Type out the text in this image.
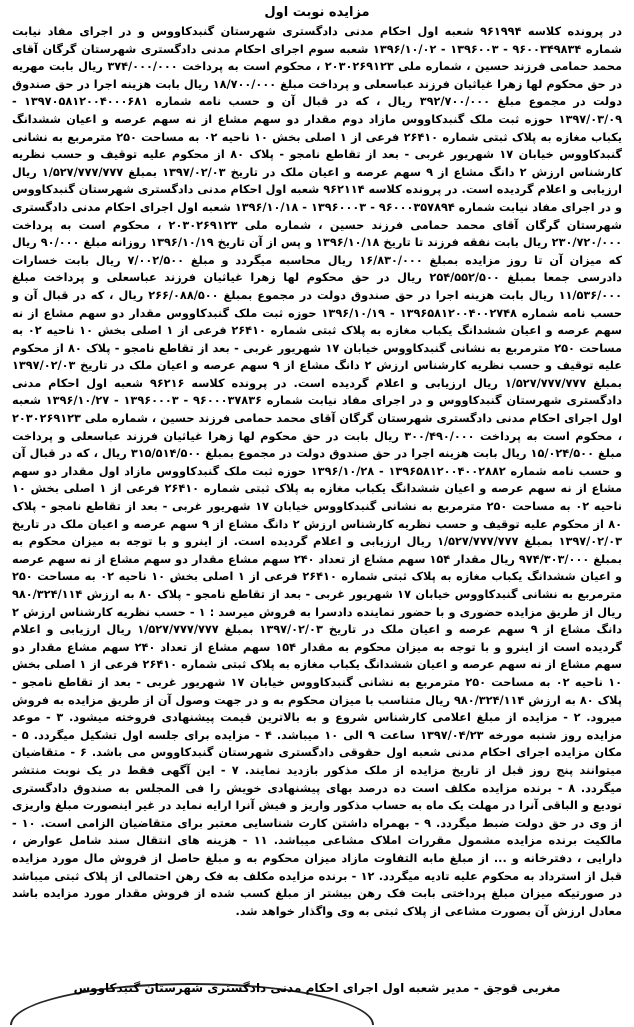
مزایده نوبت اول
در پرونده کلاسه ۹۶۱۹۹۴ شعبه اول احکام مدنی دادگستری شهرستان گنبدکاووس و در اجرای مفاد نیابت شماره ۹۶۰۰۳۴۹۸۳۴ - ۱۳۹۶۰۰۳ - ۱۳۹۶/۱۰/۰۲ شعبه سوم اجرای احکام مدنی دادگستری شهرستان گرگان آقای محمد حمامی فرزند حسین ، شماره ملی ۲۰۳۰۲۶۹۱۲۳ ، محکوم است به پرداخت ۳۷۴/۰۰۰/۰۰۰ ریال بابت مهریه در حق محکوم لها زهرا غیاثیان فرزند عباسعلی و پرداخت مبلغ ۱۸/۷۰۰/۰۰۰ ریال بابت هزینه اجرا در حق صندوق دولت در مجموع مبلغ ۳۹۲/۷۰۰/۰۰۰ ریال ، که در قبال آن و حسب نامه شماره ۱۳۹۷۰۵۸۱۲۰۰۴۰۰۰۶۸۱ - ۱۳۹۷/۰۳/۰۹ حوزه ثبت ملک گنبدکاووس مازاد دوم مقدار دو سهم مشاع از نه سهم عرصه و اعیان ششدانگ یکباب مغازه به پلاک ثبتی شماره ۲۶۴۱۰ فرعی از ۱ اصلی بخش ۱۰ ناحیه ۰۲ به مساحت ۲۵۰ مترمربع به نشانی گنبدکاووس خیابان ۱۷ شهریور غربی - بعد از تقاطع نامجو - پلاک ۸۰ از محکوم علیه توقیف و حسب نظریه کارشناس ارزش ۲ دانگ مشاع از ۹ سهم عرصه و اعیان ملک در تاریخ ۱۳۹۷/۰۲/۰۳ بمبلغ ۱/۵۲۷/۷۷۷/۷۷۷ ریال ارزیابی و اعلام گردیده است. در پرونده کلاسه ۹۶۲۱۱۴ شعبه اول احکام مدنی دادگستری شهرستان گنبدکاووس و در اجرای مفاد نیابت شماره ۹۶۰۰۰۳۵۷۸۹۴ - ۱۳۹۶۰۰۰۳ - ۱۳۹۶/۱۰/۱۸ شعبه اول اجرای احکام مدنی دادگستری شهرستان گرگان آقای محمد حمامی فرزند حسین ، شماره ملی ۲۰۳۰۲۶۹۱۲۳ ، محکوم است به پرداخت ۲۳۰/۷۲۰/۰۰۰ ریال بابت نفقه فرزند تا تاریخ ۱۳۹۶/۱۰/۱۸ و پس از آن تاریخ ۱۳۹۶/۱۰/۱۹ روزانه مبلغ ۹۰/۰۰۰ ریال که میزان آن تا روز مزایده بمبلغ ۱۶/۸۳۰/۰۰۰ ریال محاسبه میگردد و مبلغ ۷/۰۰۲/۵۰۰ ریال بابت خسارات دادرسی جمعا بمبلغ ۲۵۴/۵۵۲/۵۰۰ ریال در حق محکوم لها زهرا غیاثیان فرزند عباسعلی و پرداخت مبلغ ۱۱/۵۳۶/۰۰۰ ریال بابت هزینه اجرا در حق صندوق دولت در مجموع بمبلغ ۲۶۶/۰۸۸/۵۰۰ ریال ، که در قبال آن و حسب نامه شماره ۱۳۹۶۵۸۱۲۰۰۴۰۰۲۷۴۸ - ۱۳۹۶/۱۰/۱۹ حوزه ثبت ملک گنبدکاووس مقدار دو سهم مشاع از نه سهم عرصه و اعیان ششدانگ یکباب مغازه به پلاک ثبتی شماره ۲۶۴۱۰ فرعی از ۱ اصلی بخش ۱۰ ناحیه ۰۲ به مساحت ۲۵۰ مترمربع به نشانی گنبدکاووس خیابان ۱۷ شهریور غربی - بعد از تقاطع نامجو - پلاک ۸۰ از محکوم علیه توقیف و حسب نظریه کارشناس ارزش ۲ دانگ مشاع از ۹ سهم عرصه و اعیان ملک در تاریخ ۱۳۹۷/۰۲/۰۳ بمبلغ ۱/۵۲۷/۷۷۷/۷۷۷ ریال ارزیابی و اعلام گردیده است. در پرونده کلاسه ۹۶۲۱۶ شعبه اول احکام مدنی دادگستری شهرستان گنبدکاووس و در اجرای مفاد نیابت شماره ۹۶۰۰۰۳۷۸۳۶ - ۱۳۹۶۰۰۰۳ - ۱۳۹۶/۱۰/۲۷ شعبه اول اجرای احکام مدنی دادگستری شهرستان گرگان آقای محمد حمامی فرزند حسین ، شماره ملی ۲۰۳۰۲۶۹۱۲۳ ، محکوم است به پرداخت ۳۰۰/۴۹۰/۰۰۰ ریال بابت در حق محکوم لها زهرا غیاثیان فرزند عباسعلی و پرداخت مبلغ ۱۵/۰۲۴/۵۰۰ ریال بابت هزینه اجرا در حق صندوق دولت در مجموع بمبلغ ۳۱۵/۵۱۴/۵۰۰ ریال ، که در قبال آن و حسب نامه شماره ۱۳۹۶۵۸۱۲۰۰۴۰۰۲۸۸۲ - ۱۳۹۶/۱۰/۲۸ حوزه ثبت ملک گنبدکاووس مازاد اول مقدار دو سهم مشاع از نه سهم عرصه و اعیان ششدانگ یکباب مغازه به پلاک ثبتی شماره ۲۶۴۱۰ فرعی از ۱ اصلی بخش ۱۰ ناحیه ۰۲ به مساحت ۲۵۰ مترمربع به نشانی گنبدکاووس خیابان ۱۷ شهریور غربی - بعد از تقاطع نامجو - پلاک ۸۰ از محکوم علیه توقیف و حسب نظریه کارشناس ارزش ۲ دانگ مشاع از ۹ سهم عرصه و اعیان ملک در تاریخ ۱۳۹۷/۰۲/۰۳ بمبلغ ۱/۵۲۷/۷۷۷/۷۷۷ ریال ارزیابی و اعلام گردیده است. از اینرو و با توجه به میزان محکوم به بمبلغ ۹۷۴/۳۰۳/۰۰۰ ریال مقدار ۱۵۴ سهم مشاع از تعداد ۲۴۰ سهم مشاع مقدار دو سهم مشاع از نه سهم عرصه و اعیان ششدانگ یکباب مغازه به پلاک ثبتی شماره ۲۶۴۱۰ فرعی از ۱ اصلی بخش ۱۰ ناحیه ۰۲ به مساحت ۲۵۰ مترمربع به نشانی گنبدکاووس خیابان ۱۷ شهریور غربی - بعد از تقاطع نامجو - پلاک ۸۰ به ارزش ۹۸۰/۳۲۴/۱۱۴ ریال از طریق مزایده حضوری و با حضور نماینده دادسرا به فروش میرسد : ۱ - حسب نظریه کارشناس ارزش ۲ دانگ مشاع از ۹ سهم عرصه و اعیان ملک در تاریخ ۱۳۹۷/۰۲/۰۳ بمبلغ ۱/۵۲۷/۷۷۷/۷۷۷ ریال ارزیابی و اعلام گردیده است از اینرو و با توجه به میزان محکوم به مقدار ۱۵۴ سهم مشاع از تعداد ۲۴۰ سهم مشاع مقدار دو سهم مشاع از نه سهم عرصه و اعیان ششدانگ یکباب مغازه به پلاک ثبتی شماره ۲۶۴۱۰ فرعی از ۱ اصلی بخش ۱۰ ناحیه ۰۲ به مساحت ۲۵۰ مترمربع به نشانی گنبدکاووس خیابان ۱۷ شهریور غربی - بعد از تقاطع نامجو - پلاک ۸۰ به ارزش ۹۸۰/۳۲۴/۱۱۴ ریال متناسب با میزان محکوم به و در جهت وصول آن از طریق مزایده به فروش میرود. ۲ - مزایده از مبلغ اعلامی کارشناس شروع و به بالاترین قیمت پیشنهادی فروخته میشود. ۳ - موعد مزایده روز شنبه مورخه ۱۳۹۷/۰۴/۲۳ ساعت ۹ الی ۱۰ میباشد. ۴ - مزایده برای جلسه اول تشکیل میگردد. ۵ - مکان مزایده اجرای احکام مدنی شعبه اول حقوقی دادگستری شهرستان گنبدکاووس می باشد. ۶ - متقاضیان میتوانند پنج روز قبل از تاریخ مزایده از ملک مذکور بازدید نمایند. ۷ - این آگهی فقط در یک نوبت منتشر میگردد. ۸ - برنده مزایده مکلف است ده درصد بهای پیشنهادی خویش را فی المجلس به صندوق دادگستری تودیع و الباقی آنرا در مهلت یک ماه به حساب مذکور واریز و فیش آنرا ارایه نماید در غیر اینصورت مبلغ واریزی از وی در حق دولت ضبط میگردد. ۹ - بهمراه داشتن کارت شناسایی معتبر برای متقاضیان الزامی است. ۱۰ - مالکیت برنده مزایده مشمول مقررات املاک مشاعی میباشد. ۱۱ - هزینه های انتقال سند شامل عوارض ، دارایی ، دفترخانه و ... از مبلغ مابه التفاوت مازاد میزان محکوم به و مبلغ حاصل از فروش مال مورد مزایده قبل از استرداد به محکوم علیه تادیه میگردد. ۱۲ - برنده مزایده مکلف به فک رهن احتمالی از پلاک ثبتی میباشد در صورتیکه میزان مبلغ پرداختی بابت فک رهن بیشتر از مبلغ کسب شده از فروش مقدار مورد مزایده باشد معادل ارزش آن بصورت مشاعی از پلاک ثبتی به وی واگذار خواهد شد.
مغربی قوجق - مدیر شعبه اول اجرای احکام مدنی دادگستری شهرستان گنبدکاووس
